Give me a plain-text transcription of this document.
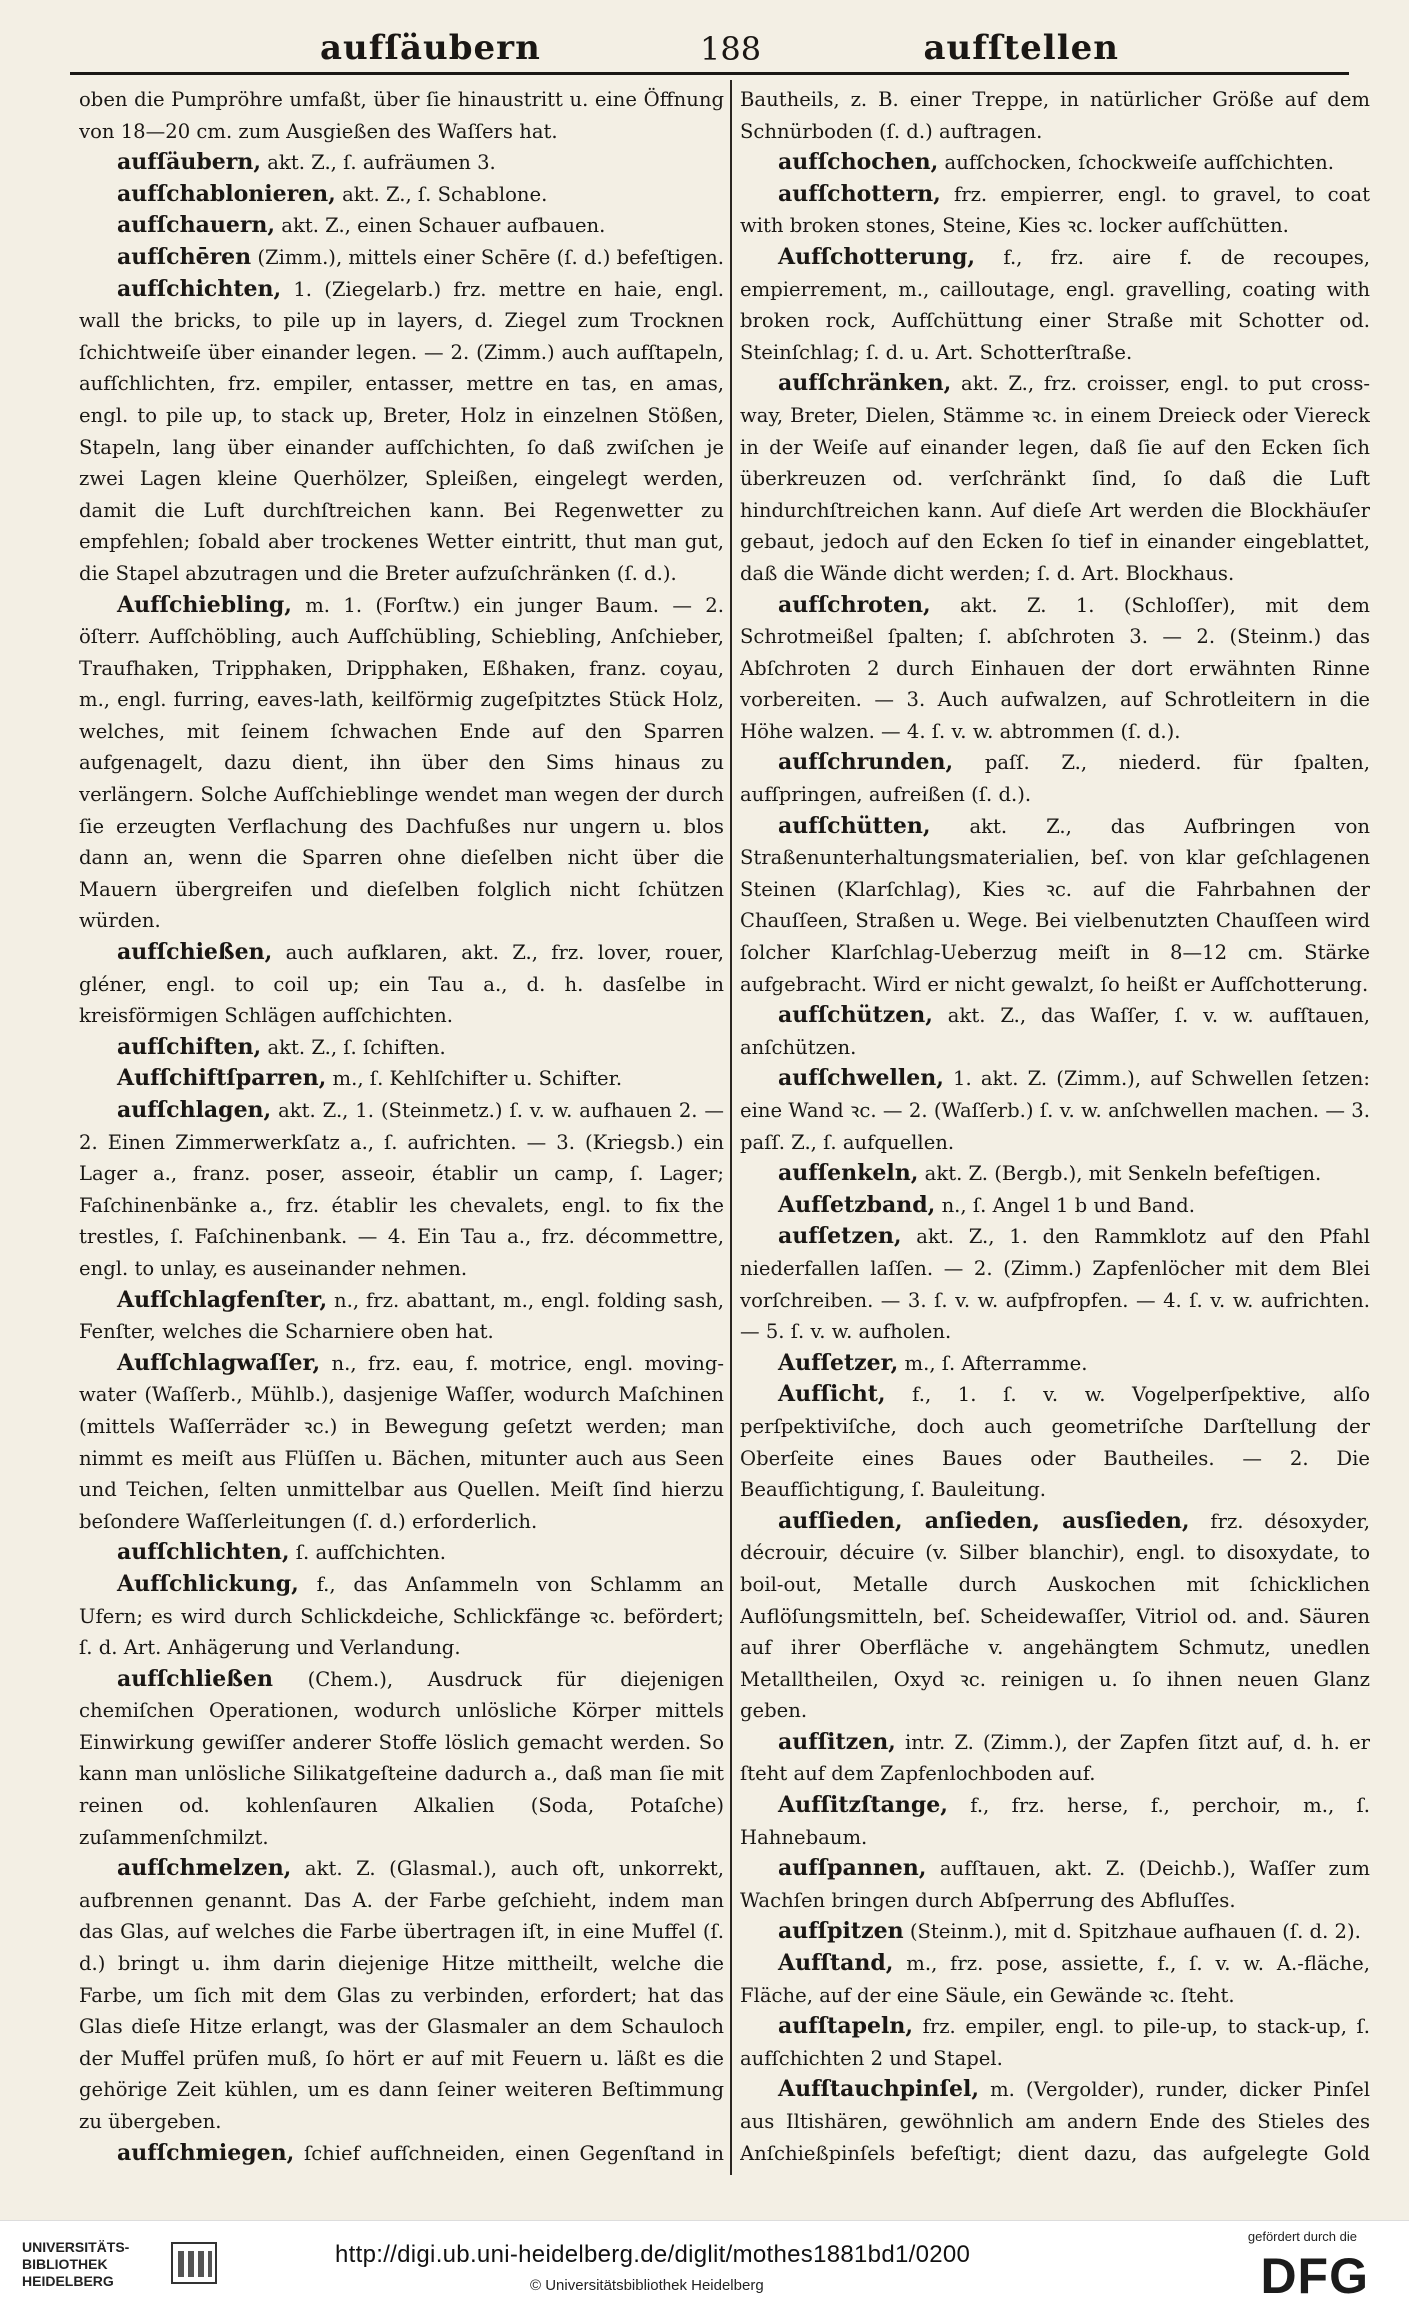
aufſäubern	188	aufſtellen

oben die Pumpröhre umfaßt, über ſie hinaustritt u. eine Öffnung von 18—20 cm. zum Ausgießen des Waſſers hat.

aufſäubern, akt. Z., ſ. aufräumen 3.

aufſchablonieren, akt. Z., ſ. Schablone.

aufſchauern, akt. Z., einen Schauer aufbauen.

aufſchēren (Zimm.), mittels einer Schēre (ſ. d.) befeſtigen.

aufſchichten, 1. (Ziegelarb.) frz. mettre en haie, engl. wall the bricks, to pile up in layers, d. Ziegel zum Trocknen ſchichtweiſe über einander legen. — 2. (Zimm.) auch aufſtapeln, aufſchlichten, frz. empiler, entasser, mettre en tas, en amas, engl. to pile up, to stack up, Breter, Holz in einzelnen Stößen, Stapeln, lang über einander aufſchichten, ſo daß zwiſchen je zwei Lagen kleine Querhölzer, Spleißen, eingelegt werden, damit die Luft durchſtreichen kann. Bei Regenwetter zu empfehlen; ſobald aber trockenes Wetter eintritt, thut man gut, die Stapel abzutragen und die Breter aufzuſchränken (ſ. d.).

Aufſchiebling, m. 1. (Forſtw.) ein junger Baum. — 2. öſterr. Aufſchöbling, auch Aufſchübling, Schiebling, Anſchieber, Traufhaken, Tripphaken, Dripphaken, Eßhaken, franz. coyau, m., engl. furring, eaves-lath, keilförmig zugeſpitztes Stück Holz, welches, mit ſeinem ſchwachen Ende auf den Sparren aufgenagelt, dazu dient, ihn über den Sims hinaus zu verlängern. Solche Aufſchieblinge wendet man wegen der durch ſie erzeugten Verflachung des Dachfußes nur ungern u. blos dann an, wenn die Sparren ohne dieſelben nicht über die Mauern übergreifen und dieſelben folglich nicht ſchützen würden.

aufſchießen, auch aufklaren, akt. Z., frz. lover, rouer, gléner, engl. to coil up; ein Tau a., d. h. dasſelbe in kreisförmigen Schlägen aufſchichten.

aufſchiften, akt. Z., ſ. ſchiften.

Aufſchiftſparren, m., ſ. Kehlſchifter u. Schifter.

aufſchlagen, akt. Z., 1. (Steinmetz.) ſ. v. w. aufhauen 2. — 2. Einen Zimmerwerkſatz a., ſ. aufrichten. — 3. (Kriegsb.) ein Lager a., franz. poser, asseoir, établir un camp, ſ. Lager; Faſchinenbänke a., frz. établir les chevalets, engl. to fix the trestles, ſ. Faſchinenbank. — 4. Ein Tau a., frz. décommettre, engl. to unlay, es auseinander nehmen.

Aufſchlagfenſter, n., frz. abattant, m., engl. folding sash, Fenſter, welches die Scharniere oben hat.

Aufſchlagwaſſer, n., frz. eau, f. motrice, engl. moving-water (Waſſerb., Mühlb.), dasjenige Waſſer, wodurch Maſchinen (mittels Waſſerräder ꝛc.) in Bewegung geſetzt werden; man nimmt es meiſt aus Flüſſen u. Bächen, mitunter auch aus Seen und Teichen, ſelten unmittelbar aus Quellen. Meiſt ſind hierzu beſondere Waſſerleitungen (ſ. d.) erforderlich.

aufſchlichten, ſ. aufſchichten.

Aufſchlickung, f., das Anſammeln von Schlamm an Ufern; es wird durch Schlickdeiche, Schlickfänge ꝛc. befördert; ſ. d. Art. Anhägerung und Verlandung.

aufſchließen (Chem.), Ausdruck für diejenigen chemiſchen Operationen, wodurch unlösliche Körper mittels Einwirkung gewiſſer anderer Stoffe löslich gemacht werden. So kann man unlösliche Silikatgeſteine dadurch a., daß man ſie mit reinen od. kohlenſauren Alkalien (Soda, Potaſche) zuſammenſchmilzt.

aufſchmelzen, akt. Z. (Glasmal.), auch oft, unkorrekt, aufbrennen genannt. Das A. der Farbe geſchieht, indem man das Glas, auf welches die Farbe übertragen iſt, in eine Muffel (ſ. d.) bringt u. ihm darin diejenige Hitze mittheilt, welche die Farbe, um ſich mit dem Glas zu verbinden, erfordert; hat das Glas dieſe Hitze erlangt, was der Glasmaler an dem Schauloch der Muffel prüfen muß, ſo hört er auf mit Feuern u. läßt es die gehörige Zeit kühlen, um es dann ſeiner weiteren Beſtimmung zu übergeben.

aufſchmiegen, ſchief aufſchneiden, einen Gegenſtand in

Bautheils, z. B. einer Treppe, in natürlicher Größe auf dem Schnürboden (ſ. d.) auftragen.

aufſchochen, aufſchocken, ſchockweiſe aufſchichten.

aufſchottern, frz. empierrer, engl. to gravel, to coat with broken stones, Steine, Kies ꝛc. locker aufſchütten.

Aufſchotterung, f., frz. aire f. de recoupes, empierrement, m., cailloutage, engl. gravelling, coating with broken rock, Aufſchüttung einer Straße mit Schotter od. Steinſchlag; ſ. d. u. Art. Schotterſtraße.

aufſchränken, akt. Z., frz. croisser, engl. to put cross-way, Breter, Dielen, Stämme ꝛc. in einem Dreieck oder Viereck in der Weiſe auf einander legen, daß ſie auf den Ecken ſich überkreuzen od. verſchränkt ſind, ſo daß die Luft hindurchſtreichen kann. Auf dieſe Art werden die Blockhäuſer gebaut, jedoch auf den Ecken ſo tief in einander eingeblattet, daß die Wände dicht werden; ſ. d. Art. Blockhaus.

aufſchroten, akt. Z. 1. (Schloſſer), mit dem Schrotmeißel ſpalten; ſ. abſchroten 3. — 2. (Steinm.) das Abſchroten 2 durch Einhauen der dort erwähnten Rinne vorbereiten. — 3. Auch aufwalzen, auf Schrotleitern in die Höhe walzen. — 4. ſ. v. w. abtrommen (ſ. d.).

aufſchrunden, paſſ. Z., niederd. für ſpalten, aufſpringen, aufreißen (ſ. d.).

aufſchütten, akt. Z., das Aufbringen von Straßenunterhaltungsmaterialien, beſ. von klar geſchlagenen Steinen (Klarſchlag), Kies ꝛc. auf die Fahrbahnen der Chauſſeen, Straßen u. Wege. Bei vielbenutzten Chauſſeen wird ſolcher Klarſchlag-Ueberzug meiſt in 8—12 cm. Stärke aufgebracht. Wird er nicht gewalzt, ſo heißt er Aufſchotterung.

aufſchützen, akt. Z., das Waſſer, ſ. v. w. aufſtauen, anſchützen.

aufſchwellen, 1. akt. Z. (Zimm.), auf Schwellen ſetzen: eine Wand ꝛc. — 2. (Waſſerb.) ſ. v. w. anſchwellen machen. — 3. paſſ. Z., ſ. aufquellen.

aufſenkeln, akt. Z. (Bergb.), mit Senkeln befeſtigen.

Aufſetzband, n., ſ. Angel 1 b und Band.

aufſetzen, akt. Z., 1. den Rammklotz auf den Pfahl niederfallen laſſen. — 2. (Zimm.) Zapfenlöcher mit dem Blei vorſchreiben. — 3. ſ. v. w. aufpfropfen. — 4. ſ. v. w. aufrichten. — 5. ſ. v. w. aufholen.

Aufſetzer, m., ſ. Afterramme.

Aufſicht, f., 1. ſ. v. w. Vogelperſpektive, alſo perſpektiviſche, doch auch geometriſche Darſtellung der Oberſeite eines Baues oder Bautheiles. — 2. Die Beaufſichtigung, ſ. Bauleitung.

aufſieden, anſieden, ausſieden, frz. désoxyder, décrouir, décuire (v. Silber blanchir), engl. to disoxydate, to boil-out, Metalle durch Auskochen mit ſchicklichen Auflöſungsmitteln, beſ. Scheidewaſſer, Vitriol od. and. Säuren auf ihrer Oberfläche v. angehängtem Schmutz, unedlen Metalltheilen, Oxyd ꝛc. reinigen u. ſo ihnen neuen Glanz geben.

aufſitzen, intr. Z. (Zimm.), der Zapfen ſitzt auf, d. h. er ſteht auf dem Zapfenlochboden auf.

Aufſitzſtange, f., frz. herse, f., perchoir, m., ſ. Hahnebaum.

aufſpannen, aufſtauen, akt. Z. (Deichb.), Waſſer zum Wachſen bringen durch Abſperrung des Abfluſſes.

aufſpitzen (Steinm.), mit d. Spitzhaue aufhauen (ſ. d. 2).

Aufſtand, m., frz. pose, assiette, f., ſ. v. w. A.-fläche, Fläche, auf der eine Säule, ein Gewände ꝛc. ſteht.

aufſtapeln, frz. empiler, engl. to pile-up, to stack-up, ſ. aufſchichten 2 und Stapel.

Aufſtauchpinſel, m. (Vergolder), runder, dicker Pinſel aus Iltishären, gewöhnlich am andern Ende des Stieles des Anſchießpinſels befeſtigt; dient dazu, das aufgelegte Gold

UNIVERSITÄTS-
BIBLIOTHEK
HEIDELBERG
http://digi.ub.uni-heidelberg.de/diglit/mothes1881bd1/0200
© Universitätsbibliothek Heidelberg
gefördert durch die
DFG
